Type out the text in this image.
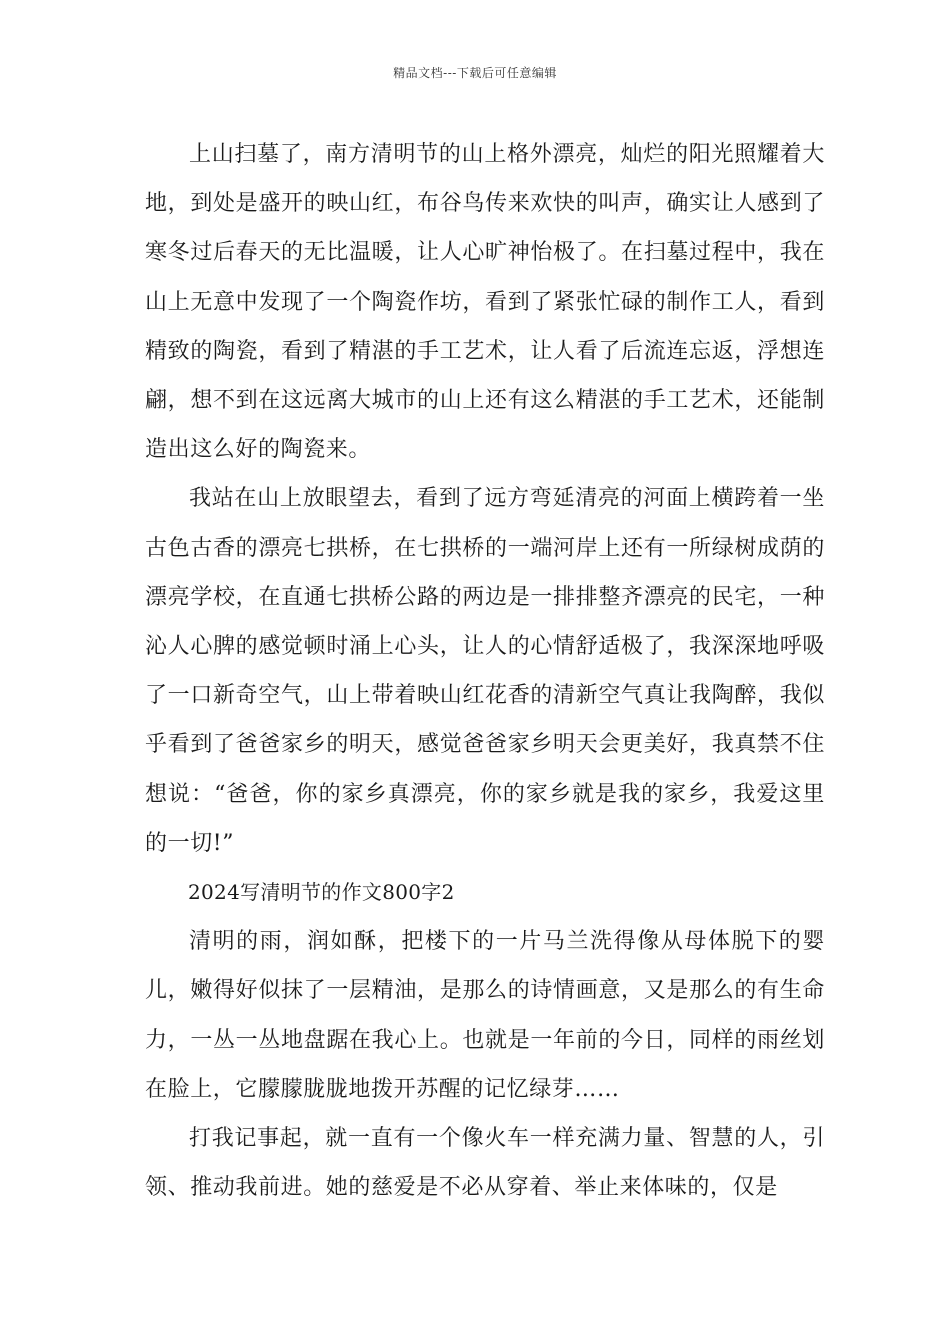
精品文档---下载后可任意编辑

上山扫墓了，南方清明节的山上格外漂亮，灿烂的阳光照耀着大地，到处是盛开的映山红，布谷鸟传来欢快的叫声，确实让人感到了寒冬过后春天的无比温暖，让人心旷神怡极了。在扫墓过程中，我在山上无意中发现了一个陶瓷作坊，看到了紧张忙碌的制作工人，看到精致的陶瓷，看到了精湛的手工艺术，让人看了后流连忘返，浮想连翩，想不到在这远离大城市的山上还有这么精湛的手工艺术，还能制造出这么好的陶瓷来。

我站在山上放眼望去，看到了远方弯延清亮的河面上横跨着一坐古色古香的漂亮七拱桥，在七拱桥的一端河岸上还有一所绿树成荫的漂亮学校，在直通七拱桥公路的两边是一排排整齐漂亮的民宅，一种沁人心脾的感觉顿时涌上心头，让人的心情舒适极了，我深深地呼吸了一口新奇空气，山上带着映山红花香的清新空气真让我陶醉，我似乎看到了爸爸家乡的明天，感觉爸爸家乡明天会更美好，我真禁不住想说：“爸爸，你的家乡真漂亮，你的家乡就是我的家乡，我爱这里的一切!”

2024写清明节的作文800字2

清明的雨，润如酥，把楼下的一片马兰洗得像从母体脱下的婴儿，嫩得好似抹了一层精油，是那么的诗情画意，又是那么的有生命力，一丛一丛地盘踞在我心上。也就是一年前的今日，同样的雨丝划在脸上，它朦朦胧胧地拨开苏醒的记忆绿芽……

打我记事起，就一直有一个像火车一样充满力量、智慧的人，引领、推动我前进。她的慈爱是不必从穿着、举止来体味的，仅是
